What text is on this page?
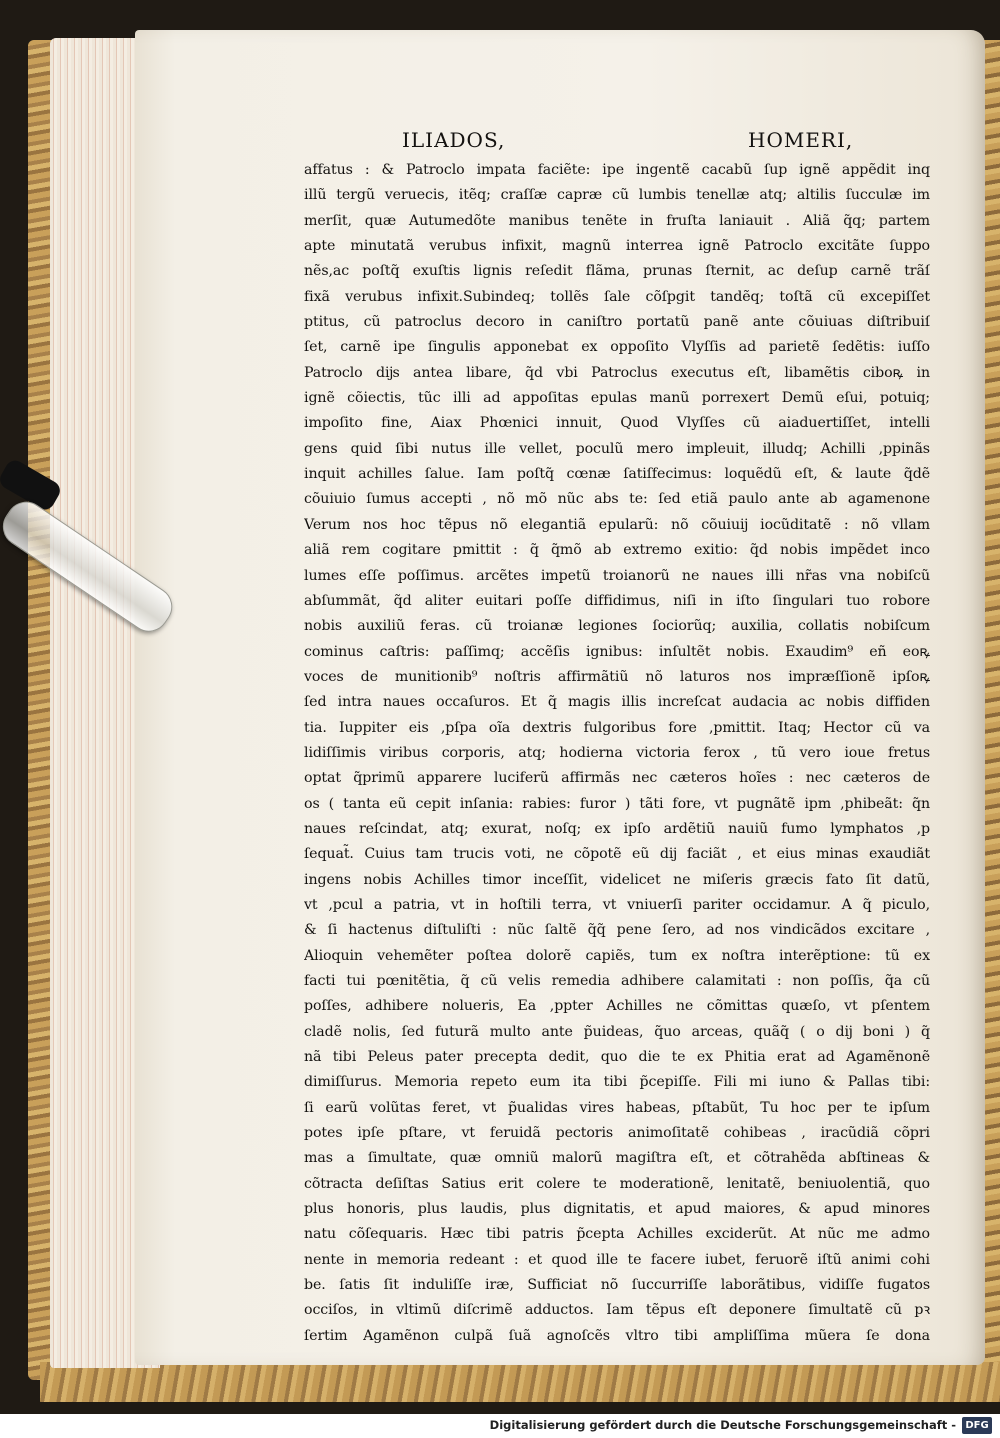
ILIADOS,	HOMERI,
affatus : & Patroclo impata faciẽte: ipe ingentẽ cacabũ ſup ignẽ appẽdit inq
illũ tergũ veruecis, itẽq; craſſæ capræ cũ lumbis tenellæ atq; altilis ſucculæ im
merſit, quæ Autumedõte manibus tenẽte in fruſta laniauit . Aliã q̃q; partem
apte minutatã verubus infixit, magnũ interrea ignẽ Patroclo excitãte ſuppo
nẽs,ac poſtq̃ exuſtis lignis reſedit flãma, prunas ſternit, ac deſup carnẽ trãſ
fixã verubus infixit.Subindeq; tollẽs ſale cõſpgit tandẽq; toſtã cũ excepiſſet
ptitus, cũ patroclus decoro in caniſtro portatũ panẽ ante cõuiuas diſtribuiſ
ſet, carnẽ ipe ſingulis apponebat ex oppoſito Vlyſſis ad parietẽ ſedẽtis: iuſſo
Patroclo dĳs antea libare, q̃d vbi Patroclus executus eſt, libamẽtis ciboꝶ in
ignẽ cõiectis, tũc illi ad appoſitas epulas manũ porrexert Demũ eſui, potuiq;
impoſito fine, Aiax Phœnici innuit, Quod Vlyſſes cũ aiaduertiſſet, intelli
gens quid ſibi nutus ille vellet, poculũ mero impleuit, illudq; Achilli ,ppinãs
inquit achilles ſalue. Iam poſtq̃ cœnæ ſatiſfecimus: loquẽdũ eſt, & laute q̃dẽ
cõuiuio ſumus accepti , nõ mõ nũc abs te: ſed etiã paulo ante ab agamenone
Verum nos hoc tẽpus nõ elegantiã epularũ: nõ cõuiuĳ iocũditatẽ : nõ vllam
aliã rem cogitare pmittit : q̃ q̃mõ ab extremo exitio: q̃d nobis impẽdet inco
lumes eſſe poſſimus. arcẽtes impetũ troianorũ ne naues illi nr̃as vna nobiſcũ
abſummãt, q̃d aliter euitari poſſe diffidimus, niſi in iſto ſingulari tuo robore
nobis auxiliũ feras. cũ troianæ legiones ſociorũq; auxilia, collatis nobiſcum
cominus caſtris: paſſimq; accẽſis ignibus: inſultẽt nobis. Exaudim⁹ eñ eoꝶ
voces de munitionib⁹ noſtris affirmãtiũ nõ laturos nos impræſſionẽ ipſoꝶ
ſed intra naues occaſuros. Et q̃ magis illis increſcat audacia ac nobis diffiden
tia. Iuppiter eis ,pſpa oĩa dextris fulgoribus fore ,pmittit. Itaq; Hector cũ va
lidiſſimis viribus corporis, atq; hodierna victoria ferox , tũ vero ioue fretus
optat q̃primũ apparere luciferũ affirmãs nec cæteros hoĩes : nec cæteros de
os ( tanta eũ cepit inſania: rabies: furor ) tãti fore, vt pugnãtẽ ipm ,phibeãt: q̃n
naues reſcindat, atq; exurat, noſq; ex ipſo ardẽtiũ nauiũ fumo lymphatos ,p
ſequat̃. Cuius tam trucis voti, ne cõpotẽ eũ dĳ faciãt , et eius minas exaudiãt
ingens nobis Achilles timor inceſſit, videlicet ne miſeris græcis fato ſit datũ,
vt ,pcul a patria, vt in hoſtili terra, vt vniuerſi pariter occidamur. A q̃ piculo,
& ſi hactenus diſtuliſti : nũc ſaltẽ q̃q̃ pene ſero, ad nos vindicãdos excitare ,
Alioquin vehemẽter poſtea dolorẽ capiẽs, tum ex noſtra interẽptione: tũ ex
facti tui pœnitẽtia, q̃ cũ velis remedia adhibere calamitati : non poſſis, q̃a cũ
poſſes, adhibere nolueris, Ea ,ppter Achilles ne cõmittas quæſo, vt pſentem
cladẽ nolis, ſed futurã multo ante p̃uideas, q̃uo arceas, quãq̃ ( o dĳ boni ) q̃
nã tibi Peleus pater precepta dedit, quo die te ex Phitia erat ad Agamẽnonẽ
dimiſſurus. Memoria repeto eum ita tibi p̃cepiſſe. Fili mi iuno & Pallas tibi:
ſi earũ volũtas feret, vt p̃ualidas vires habeas, pſtabũt, Tu hoc per te ipſum
potes ipſe pſtare, vt feruidã pectoris animoſitatẽ cohibeas , iracũdiã cõpri
mas a ſimultate, quæ omniũ malorũ magiſtra eſt, et cõtrahẽda abſtineas &
cõtracta deſiſtas Satius erit colere te moderationẽ, lenitatẽ, beniuolentiã, quo
plus honoris, plus laudis, plus dignitatis, et apud maiores, & apud minores
natu cõſequaris. Hæc tibi patris p̃cepta Achilles exciderũt. At nũc me admo
nente in memoria redeant : et quod ille te facere iubet, feruorẽ iſtũ animi cohi
be. ſatis ſit induliſſe iræ, Sufficiat nõ ſuccurriſſe laborãtibus, vidiſſe fugatos
occiſos, in vltimũ diſcrimẽ adductos. Iam tẽpus eſt deponere ſimultatẽ cũ pꝛ
ſertim Agamẽnon culpã ſuã agnoſcẽs vltro tibi ampliſſima mũera ſe dona
Digitalisierung gefördert durch die Deutsche Forschungsgemeinschaft - DFG
